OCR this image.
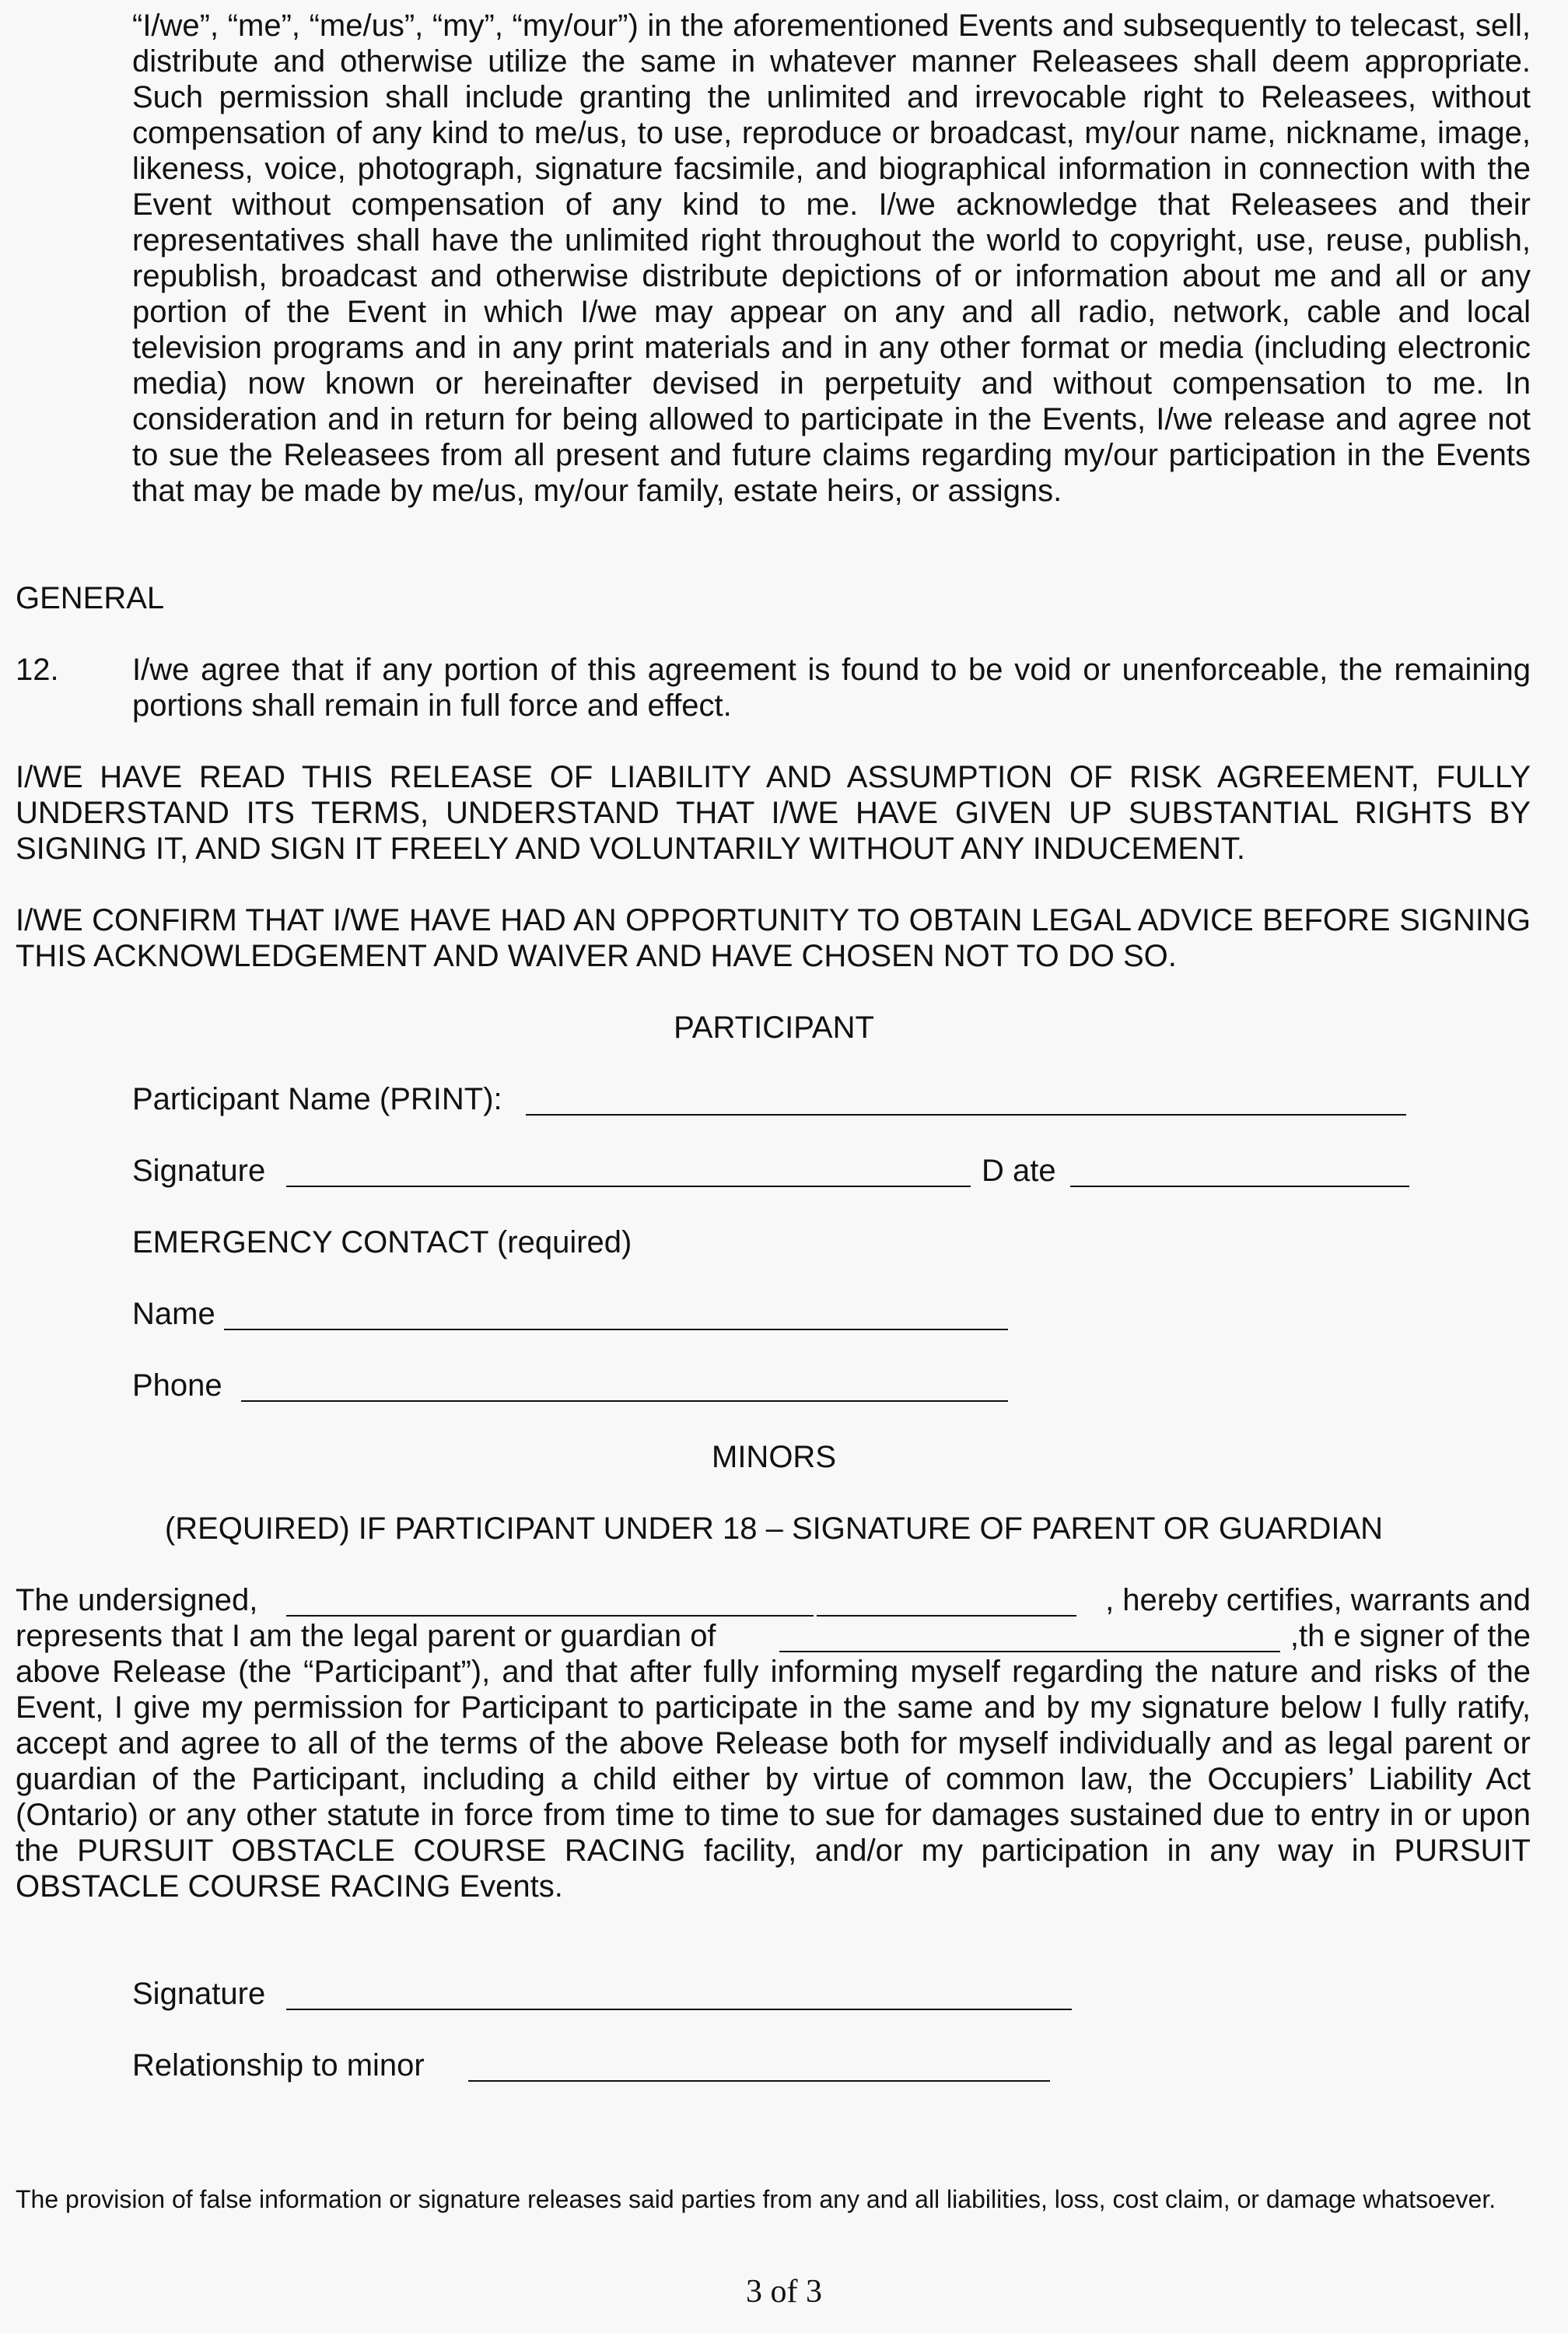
“I/we”, “me”, “me/us”, “my”, “my/our”) in the aforementioned Events and subsequently to telecast, sell, distribute and otherwise utilize the same in whatever manner Releasees shall deem appropriate. Such permission shall include granting the unlimited and irrevocable right to Releasees, without compensation of any kind to me/us, to use, reproduce or broadcast, my/our name, nickname, image, likeness, voice, photograph, signature facsimile, and biographical information in connection with the Event without compensation of any kind to me. I/we acknowledge that Releasees and their representatives shall have the unlimited right throughout the world to copyright, use, reuse, publish, republish, broadcast and otherwise distribute depictions of or information about me and all or any portion of the Event in which I/we may appear on any and all radio, network, cable and local television programs and in any print materials and in any other format or media (including electronic media) now known or hereinafter devised in perpetuity and without compensation to me. In consideration and in return for being allowed to participate in the Events, I/we release and agree not to sue the Releasees from all present and future claims regarding my/our participation in the Events that may be made by me/us, my/our family, estate heirs, or assigns.

GENERAL
12. I/we agree that if any portion of this agreement is found to be void or unenforceable, the remaining portions shall remain in full force and effect.

I/WE HAVE READ THIS RELEASE OF LIABILITY AND ASSUMPTION OF RISK AGREEMENT, FULLY UNDERSTAND ITS TERMS, UNDERSTAND THAT I/WE HAVE GIVEN UP SUBSTANTIAL RIGHTS BY SIGNING IT, AND SIGN IT FREELY AND VOLUNTARILY WITHOUT ANY INDUCEMENT.

I/WE CONFIRM THAT I/WE HAVE HAD AN OPPORTUNITY TO OBTAIN LEGAL ADVICE BEFORE SIGNING THIS ACKNOWLEDGEMENT AND WAIVER AND HAVE CHOSEN NOT TO DO SO.

PARTICIPANT
Participant Name (PRINT):
Signature	D ate
EMERGENCY CONTACT (required)
Name
Phone
MINORS
(REQUIRED) IF PARTICIPANT UNDER 18 – SIGNATURE OF PARENT OR GUARDIAN
The undersigned,	, hereby certifies, warrants and
represents that I am the legal parent or guardian of	,th e signer of the

above Release (the “Participant”), and that after fully informing myself regarding the nature and risks of the Event, I give my permission for Participant to participate in the same and by my signature below I fully ratify, accept and agree to all of the terms of the above Release both for myself individually and as legal parent or guardian of the Participant, including a child either by virtue of common law, the Occupiers’ Liability Act (Ontario) or any other statute in force from time to time to sue for damages sustained due to entry in or upon the PURSUIT OBSTACLE COURSE RACING facility, and/or my participation in any way in PURSUIT OBSTACLE COURSE RACING Events.

Signature
Relationship to minor

The provision of false information or signature releases said parties from any and all liabilities, loss, cost claim, or damage whatsoever.

3 of 3
